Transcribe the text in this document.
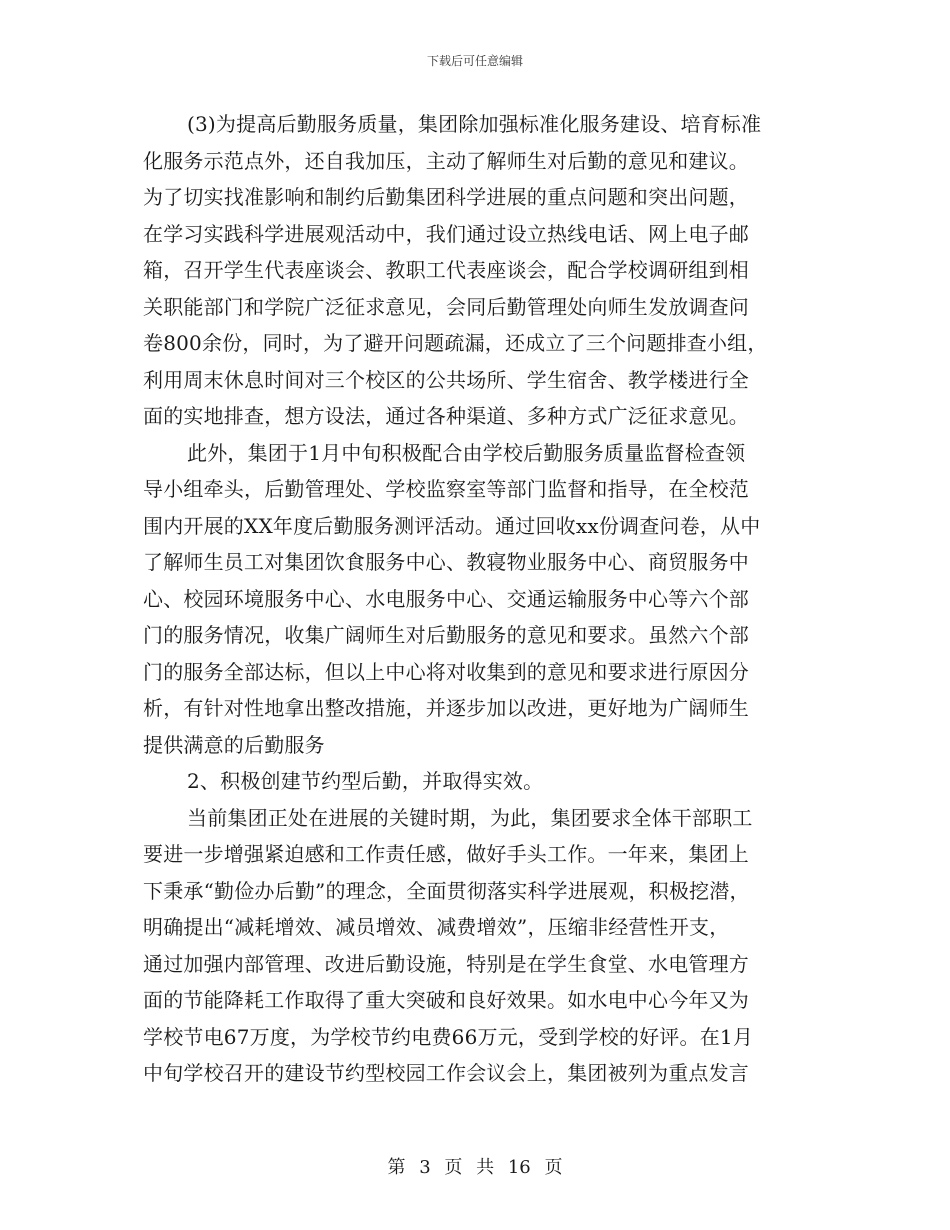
下载后可任意编辑

(3)为提高后勤服务质量，集团除加强标准化服务建设、培育标准
化服务示范点外，还自我加压，主动了解师生对后勤的意见和建议。
为了切实找准影响和制约后勤集团科学进展的重点问题和突出问题，
在学习实践科学进展观活动中，我们通过设立热线电话、网上电子邮
箱，召开学生代表座谈会、教职工代表座谈会，配合学校调研组到相
关职能部门和学院广泛征求意见，会同后勤管理处向师生发放调查问
卷800余份，同时，为了避开问题疏漏，还成立了三个问题排查小组，
利用周末休息时间对三个校区的公共场所、学生宿舍、教学楼进行全
面的实地排查，想方设法，通过各种渠道、多种方式广泛征求意见。

此外，集团于1月中旬积极配合由学校后勤服务质量监督检查领
导小组牵头，后勤管理处、学校监察室等部门监督和指导，在全校范
围内开展的XX年度后勤服务测评活动。通过回收xx份调查问卷，从中
了解师生员工对集团饮食服务中心、教寝物业服务中心、商贸服务中
心、校园环境服务中心、水电服务中心、交通运输服务中心等六个部
门的服务情况，收集广阔师生对后勤服务的意见和要求。虽然六个部
门的服务全部达标，但以上中心将对收集到的意见和要求进行原因分
析，有针对性地拿出整改措施，并逐步加以改进，更好地为广阔师生
提供满意的后勤服务

2、积极创建节约型后勤，并取得实效。

当前集团正处在进展的关键时期，为此，集团要求全体干部职工
要进一步增强紧迫感和工作责任感，做好手头工作。一年来，集团上
下秉承“勤俭办后勤”的理念，全面贯彻落实科学进展观，积极挖潜，
明确提出“减耗增效、减员增效、减费增效”，压缩非经营性开支，
通过加强内部管理、改进后勤设施，特别是在学生食堂、水电管理方
面的节能降耗工作取得了重大突破和良好效果。如水电中心今年又为
学校节电67万度，为学校节约电费66万元，受到学校的好评。在1月
中旬学校召开的建设节约型校园工作会议会上，集团被列为重点发言

第 3 页 共 16 页
